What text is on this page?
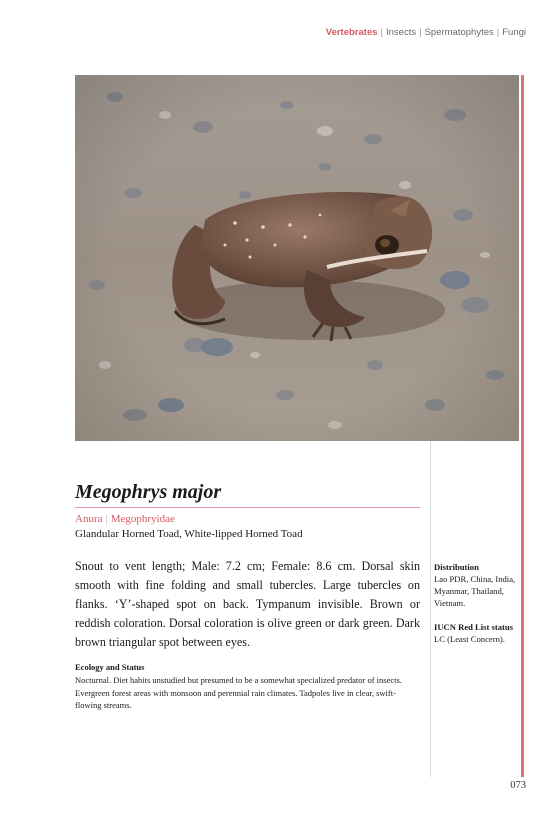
Vertebrates | Insects | Spermatophytes | Fungi
Megophrys major
Anura | Megophryidae
Glandular Horned Toad, White-lipped Horned Toad

Snout to vent length; Male: 7.2 cm; Female: 8.6 cm. Dorsal skin smooth with fine folding and small tubercles. Large tubercles on flanks. ‘Y’-shaped spot on back. Tympanum invisible. Brown or reddish coloration. Dorsal coloration is olive green or dark green. Dark brown triangular spot between eyes.

Ecology and Status

Nocturnal. Diet habits unstudied but presumed to be a somewhat specialized predator of insects. Evergreen forest areas with monsoon and perennial rain climates. Tadpoles live in clear, swift-flowing streams.

Distribution

Lao PDR, China, India, Myanmar, Thailand, Vietnam.

IUCN Red List status

LC (Least Concern).

073
